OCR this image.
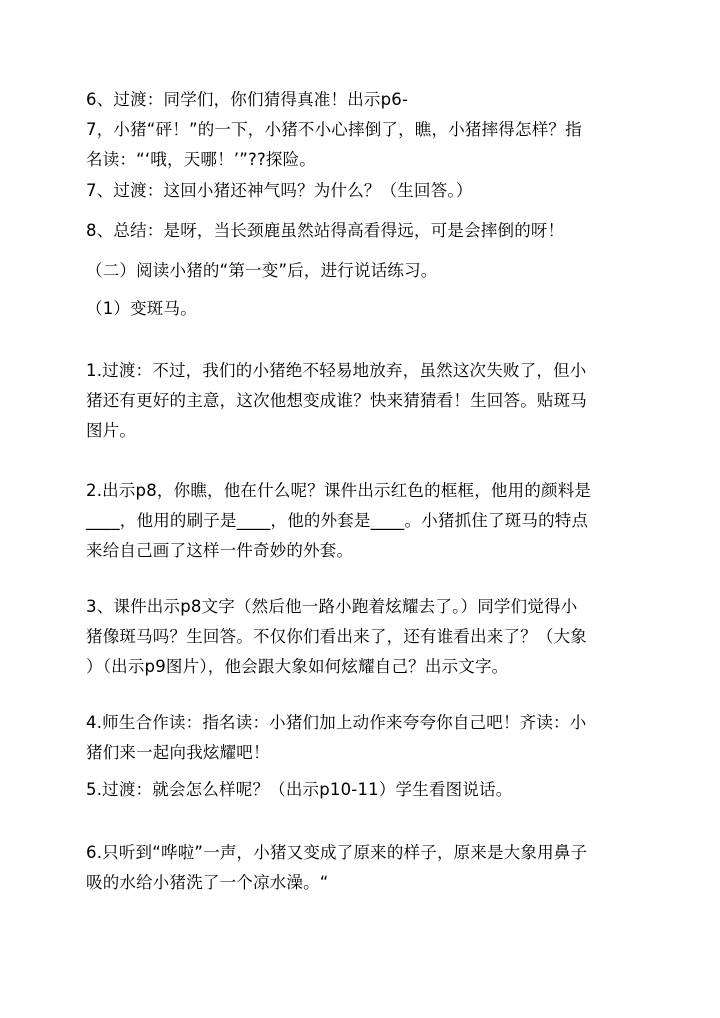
6、过渡：同学们，你们猜得真准！出示p6-
7，小猪“砰！”的一下，小猪不小心摔倒了，瞧，小猪摔得怎样？指
名读：“‘哦，天哪！’”??探险。

7、过渡：这回小猪还神气吗？为什么？（生回答。）

8、总结：是呀，当长颈鹿虽然站得高看得远，可是会摔倒的呀！

（二）阅读小猪的“第一变”后，进行说话练习。

（1）变斑马。

1.过渡：不过，我们的小猪绝不轻易地放弃，虽然这次失败了，但小
猪还有更好的主意，这次他想变成谁？快来猜猜看！生回答。贴斑马
图片。

2.出示p8，你瞧，他在什么呢？课件出示红色的框框，他用的颜料是
____，他用的刷子是____，他的外套是____。小猪抓住了斑马的特点
来给自己画了这样一件奇妙的外套。

3、课件出示p8文字（然后他一路小跑着炫耀去了。）同学们觉得小
猪像斑马吗？生回答。不仅你们看出来了，还有谁看出来了？（大象
）（出示p9图片），他会跟大象如何炫耀自己？出示文字。

4.师生合作读：指名读：小猪们加上动作来夸夸你自己吧！齐读：小
猪们来一起向我炫耀吧！

5.过渡：就会怎么样呢？（出示p10-11）学生看图说话。

6.只听到“哗啦”一声，小猪又变成了原来的样子，原来是大象用鼻子
吸的水给小猪洗了一个凉水澡。“
